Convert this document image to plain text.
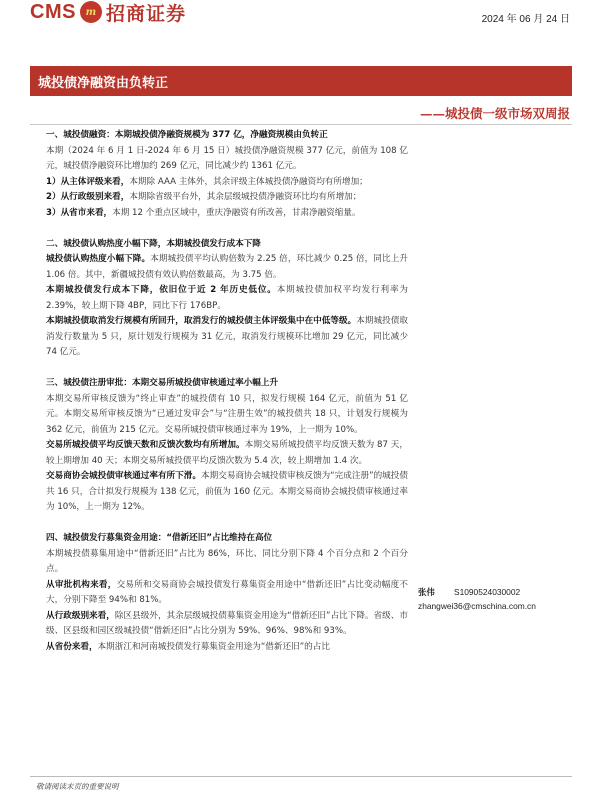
CMS m 招商证券	2024 年 06 月 24 日
城投债净融资由负转正
——城投债一级市场双周报

一、城投债融资：本期城投债净融资规模为 377 亿，净融资规模由负转正

本期（2024 年 6 月 1 日-2024 年 6 月 15 日）城投债净融资规模 377 亿元，前值为 108 亿元，城投债净融资环比增加约 269 亿元，同比减少约 1361 亿元。

1）从主体评级来看，本期除 AAA 主体外，其余评级主体城投债净融资均有所增加；

2）从行政级别来看，本期除省级平台外，其余层级城投债净融资环比均有所增加；

3）从省市来看，本期 12 个重点区域中，重庆净融资有所改善，甘肃净融资缩量。

二、城投债认购热度小幅下降，本期城投债发行成本下降

城投债认购热度小幅下降。本期城投债平均认购倍数为 2.25 倍，环比减少 0.25 倍，同比上升 1.06 倍。其中，新疆城投债有效认购倍数最高，为 3.75 倍。

本期城投债发行成本下降，依旧位于近 2 年历史低位。本期城投债加权平均发行利率为 2.39%，较上期下降 4BP，同比下行 176BP。

本期城投债取消发行规模有所回升，取消发行的城投债主体评级集中在中低等级。本期城投债取消发行数量为 5 只，原计划发行规模为 31 亿元，取消发行规模环比增加 29 亿元，同比减少 74 亿元。

三、城投债注册审批：本期交易所城投债审核通过率小幅上升

本期交易所审核反馈为“终止审查”的城投债有 10 只，拟发行规模 164 亿元，前值为 51 亿元。本期交易所审核反馈为“已通过发审会”与“注册生效”的城投债共 18 只，计划发行规模为 362 亿元，前值为 215 亿元。交易所城投债审核通过率为 19%，上一期为 10%。

交易所城投债平均反馈天数和反馈次数均有所增加。本期交易所城投债平均反馈天数为 87 天，较上期增加 40 天；本期交易所城投债平均反馈次数为 5.4 次，较上期增加 1.4 次。

交易商协会城投债审核通过率有所下滑。本期交易商协会城投债审核反馈为“完成注册”的城投债共 16 只，合计拟发行规模为 138 亿元，前值为 160 亿元。本期交易商协会城投债审核通过率为 10%，上一期为 12%。

四、城投债发行募集资金用途：“借新还旧”占比维持在高位

本期城投债募集用途中“借新还旧”占比为 86%，环比、同比分别下降 4 个百分点和 2 个百分点。

从审批机构来看，交易所和交易商协会城投债发行募集资金用途中“借新还旧”占比变动幅度不大，分别下降至 94%和 81%。

从行政级别来看，除区县级外，其余层级城投债募集资金用途为“借新还旧”占比下降。省级、市级、区县级和园区级城投债“借新还旧”占比分别为 59%、96%、98%和 93%。

从省份来看，本期浙江和河南城投债发行募集资金用途为“借新还旧”的占比

张伟	S1090524030002
zhangwei36@cmschina.com.cn
敬请阅读末页的重要说明
